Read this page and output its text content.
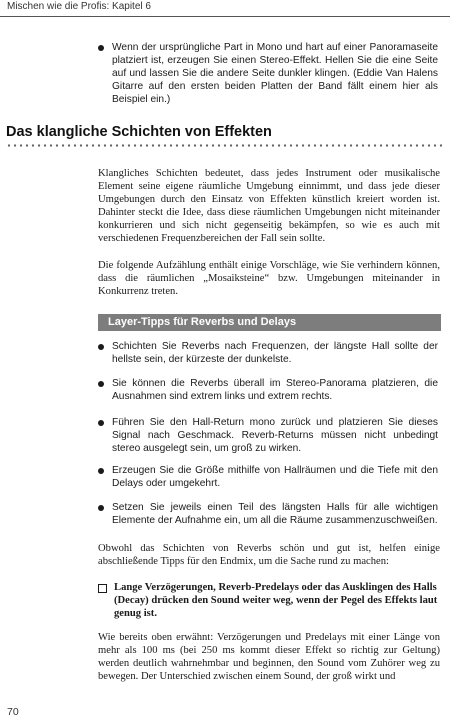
Mischen wie die Profis: Kapitel 6
Wenn der ursprüngliche Part in Mono und hart auf einer Panoramaseite platziert ist, erzeugen Sie einen Stereo-Effekt. Hellen Sie die eine Seite auf und lassen Sie die andere Seite dunkler klingen. (Eddie Van Halens Gitarre auf den ersten beiden Platten der Band fällt einem hier als Beispiel ein.)
Das klangliche Schichten von Effekten
Klangliches Schichten bedeutet, dass jedes Instrument oder musikalische Element seine eigene räumliche Umgebung einnimmt, und dass jede dieser Umgebungen durch den Einsatz von Effekten künstlich kreiert worden ist. Dahinter steckt die Idee, dass diese räumlichen Umgebungen nicht miteinander konkurrieren und sich nicht gegenseitig bekämpfen, so wie es auch mit verschiedenen Frequenzbereichen der Fall sein sollte.
Die folgende Aufzählung enthält einige Vorschläge, wie Sie verhindern können, dass die räumlichen „Mosaiksteine“ bzw. Umgebungen miteinander in Konkurrenz treten.
Layer-Tipps für Reverbs und Delays
Schichten Sie Reverbs nach Frequenzen, der längste Hall sollte der hellste sein, der kürzeste der dunkelste.
Sie können die Reverbs überall im Stereo-Panorama platzieren, die Ausnahmen sind extrem links und extrem rechts.
Führen Sie den Hall-Return mono zurück und platzieren Sie dieses Signal nach Geschmack. Reverb-Returns müssen nicht unbedingt stereo ausgelegt sein, um groß zu wirken.
Erzeugen Sie die Größe mithilfe von Hallräumen und die Tiefe mit den Delays oder umgekehrt.
Setzen Sie jeweils einen Teil des längsten Halls für alle wichtigen Elemente der Aufnahme ein, um all die Räume zusammenzuschweißen.
Obwohl das Schichten von Reverbs schön und gut ist, helfen einige abschließende Tipps für den Endmix, um die Sache rund zu machen:
Lange Verzögerungen, Reverb-Predelays oder das Ausklingen des Halls (Decay) drücken den Sound weiter weg, wenn der Pegel des Effekts laut genug ist.
Wie bereits oben erwähnt: Verzögerungen und Predelays mit einer Länge von mehr als 100 ms (bei 250 ms kommt dieser Effekt so richtig zur Geltung) werden deutlich wahrnehmbar und beginnen, den Sound vom Zuhörer weg zu bewegen. Der Unterschied zwischen einem Sound, der groß wirkt und
70
